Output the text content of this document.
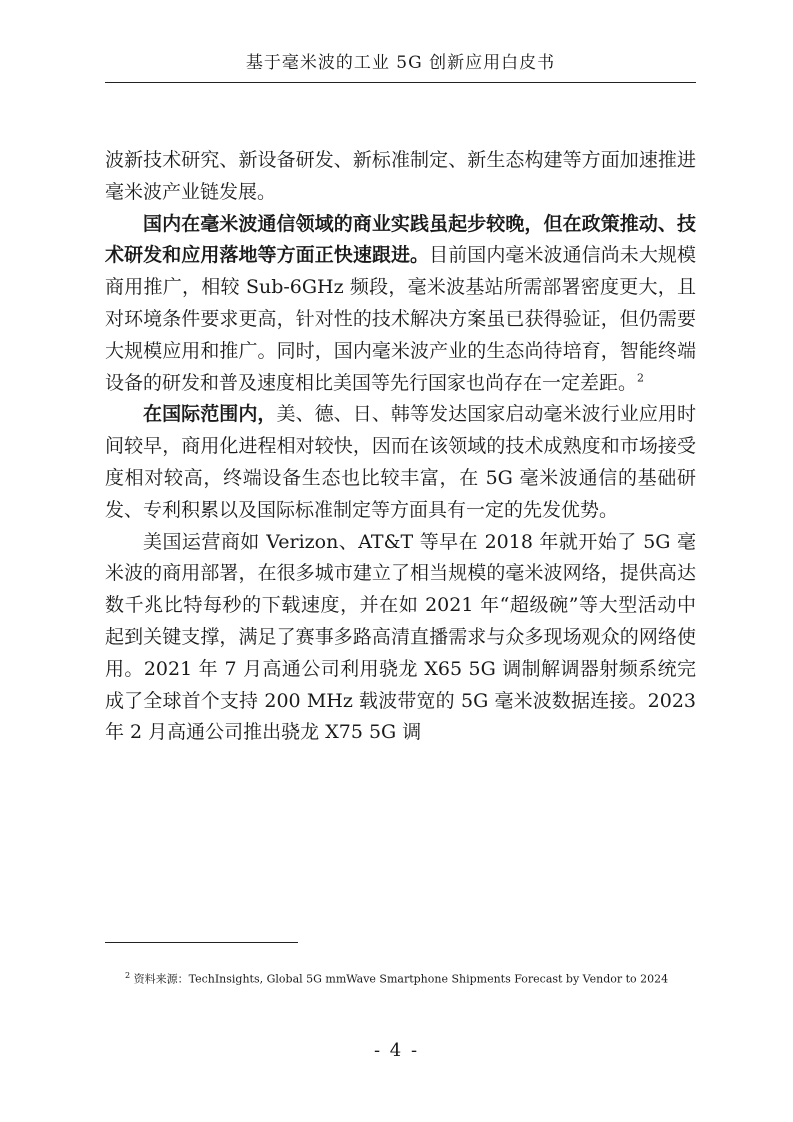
基于毫米波的工业 5G 创新应用白皮书

波新技术研究、新设备研发、新标准制定、新生态构建等方面加速推进毫米波产业链发展。

国内在毫米波通信领域的商业实践虽起步较晚，但在政策推动、技术研发和应用落地等方面正快速跟进。目前国内毫米波通信尚未大规模商用推广，相较 Sub-6GHz 频段，毫米波基站所需部署密度更大，且对环境条件要求更高，针对性的技术解决方案虽已获得验证，但仍需要大规模应用和推广。同时，国内毫米波产业的生态尚待培育，智能终端设备的研发和普及速度相比美国等先行国家也尚存在一定差距。$^2$

在国际范围内，美、德、日、韩等发达国家启动毫米波行业应用时间较早，商用化进程相对较快，因而在该领域的技术成熟度和市场接受度相对较高，终端设备生态也比较丰富，在 5G 毫米波通信的基础研发、专利积累以及国际标准制定等方面具有一定的先发优势。

美国运营商如 Verizon、AT&T 等早在 2018 年就开始了 5G 毫米波的商用部署，在很多城市建立了相当规模的毫米波网络，提供高达数千兆比特每秒的下载速度，并在如 2021 年“超级碗”等大型活动中起到关键支撑，满足了赛事多路高清直播需求与众多现场观众的网络使用。2021 年 7 月高通公司利用骁龙 X65 5G 调制解调器射频系统完成了全球首个支持 200 MHz 载波带宽的 5G 毫米波数据连接。2023 年 2 月高通公司推出骁龙 X75 5G 调

$^2$ 资料来源：TechInsights, Global 5G mmWave Smartphone Shipments Forecast by Vendor to 2024
- 4 -
